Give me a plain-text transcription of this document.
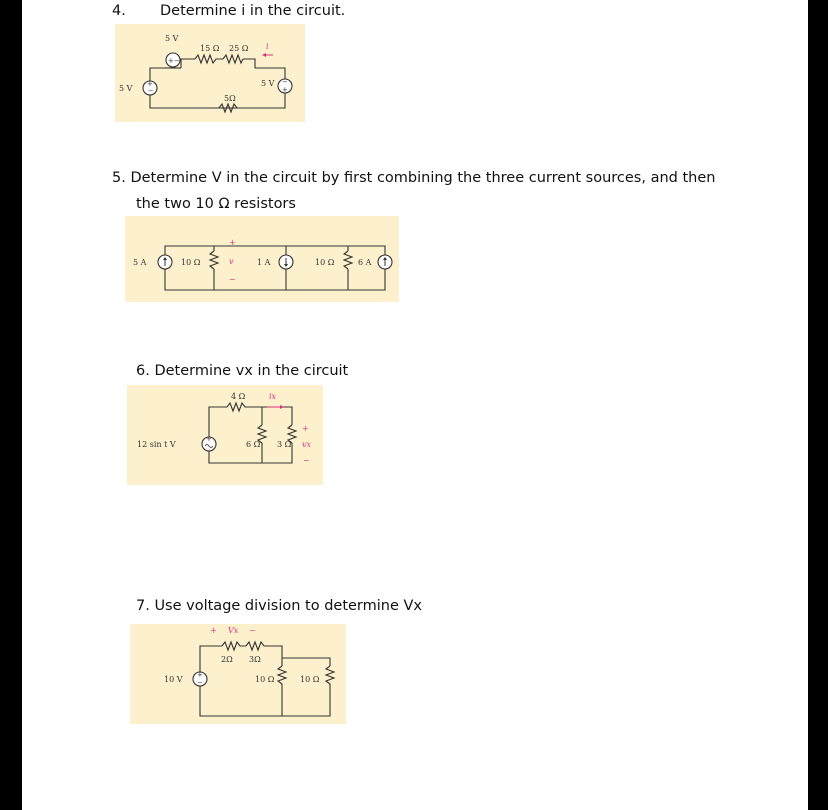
4. Determine i in the circuit.
+−
+
−
−
+
5 V
15 Ω 25 Ω i
5 V
5 V
5Ω
5. Determine V in the circuit by first combining the three current sources, and then
the two 10 Ω resistors
5 A	10 Ω
+
v
−
1 A	10 Ω	6 A
6. Determine vx in the circuit
+
4 Ω	ix
12 sin t V	6 Ω 3 Ω
+
vx
−
7. Use voltage division to determine Vx
+
−
+ Vx −
2Ω 3Ω
10 V	10 Ω	10 Ω
